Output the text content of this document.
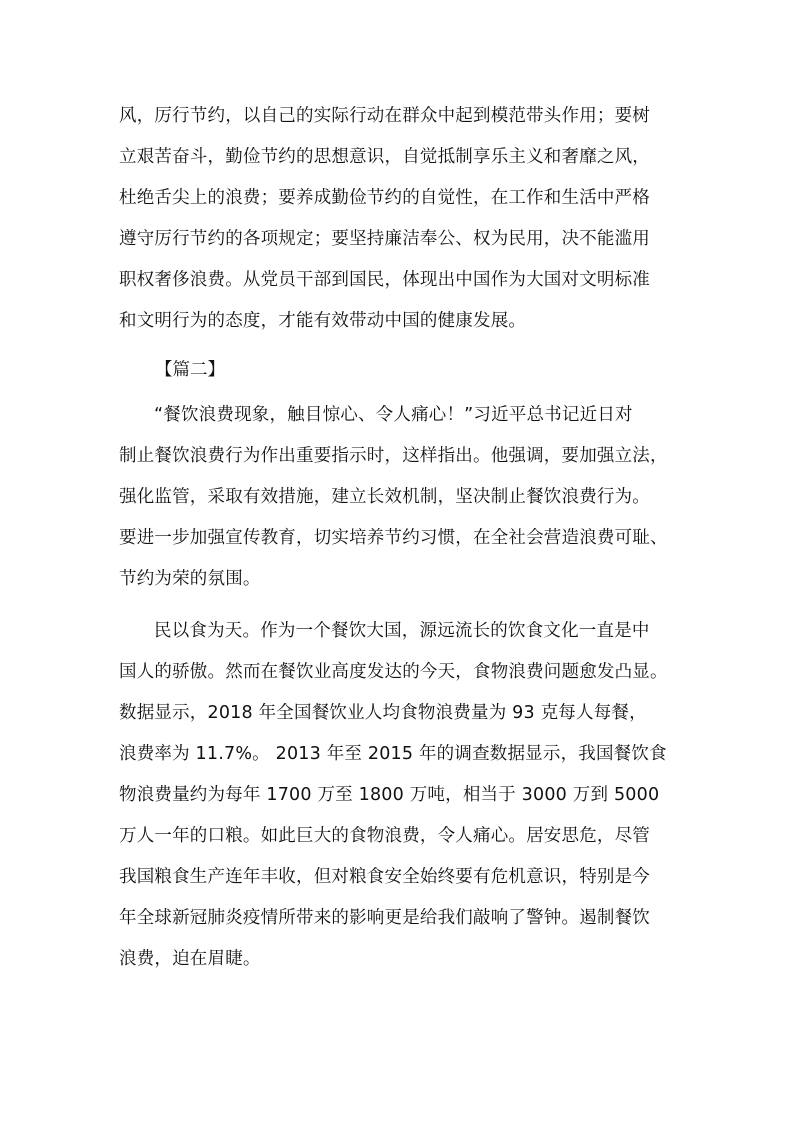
风，厉行节约，以自己的实际行动在群众中起到模范带头作用；要树
立艰苦奋斗，勤俭节约的思想意识，自觉抵制享乐主义和奢靡之风，
杜绝舌尖上的浪费；要养成勤俭节约的自觉性，在工作和生活中严格
遵守厉行节约的各项规定；要坚持廉洁奉公、权为民用，决不能滥用
职权奢侈浪费。从党员干部到国民，体现出中国作为大国对文明标准
和文明行为的态度，才能有效带动中国的健康发展。
【篇二】
“餐饮浪费现象，触目惊心、令人痛心！”习近平总书记近日对
制止餐饮浪费行为作出重要指示时，这样指出。他强调，要加强立法，
强化监管，采取有效措施，建立长效机制，坚决制止餐饮浪费行为。
要进一步加强宣传教育，切实培养节约习惯，在全社会营造浪费可耻、
节约为荣的氛围。
民以食为天。作为一个餐饮大国，源远流长的饮食文化一直是中
国人的骄傲。然而在餐饮业高度发达的今天，食物浪费问题愈发凸显。
数据显示，2018 年全国餐饮业人均食物浪费量为 93 克每人每餐，
浪费率为 11.7%。 2013 年至 2015 年的调查数据显示，我国餐饮食
物浪费量约为每年 1700 万至 1800 万吨，相当于 3000 万到 5000
万人一年的口粮。如此巨大的食物浪费，令人痛心。居安思危，尽管
我国粮食生产连年丰收，但对粮食安全始终要有危机意识，特别是今
年全球新冠肺炎疫情所带来的影响更是给我们敲响了警钟。遏制餐饮
浪费，迫在眉睫。
